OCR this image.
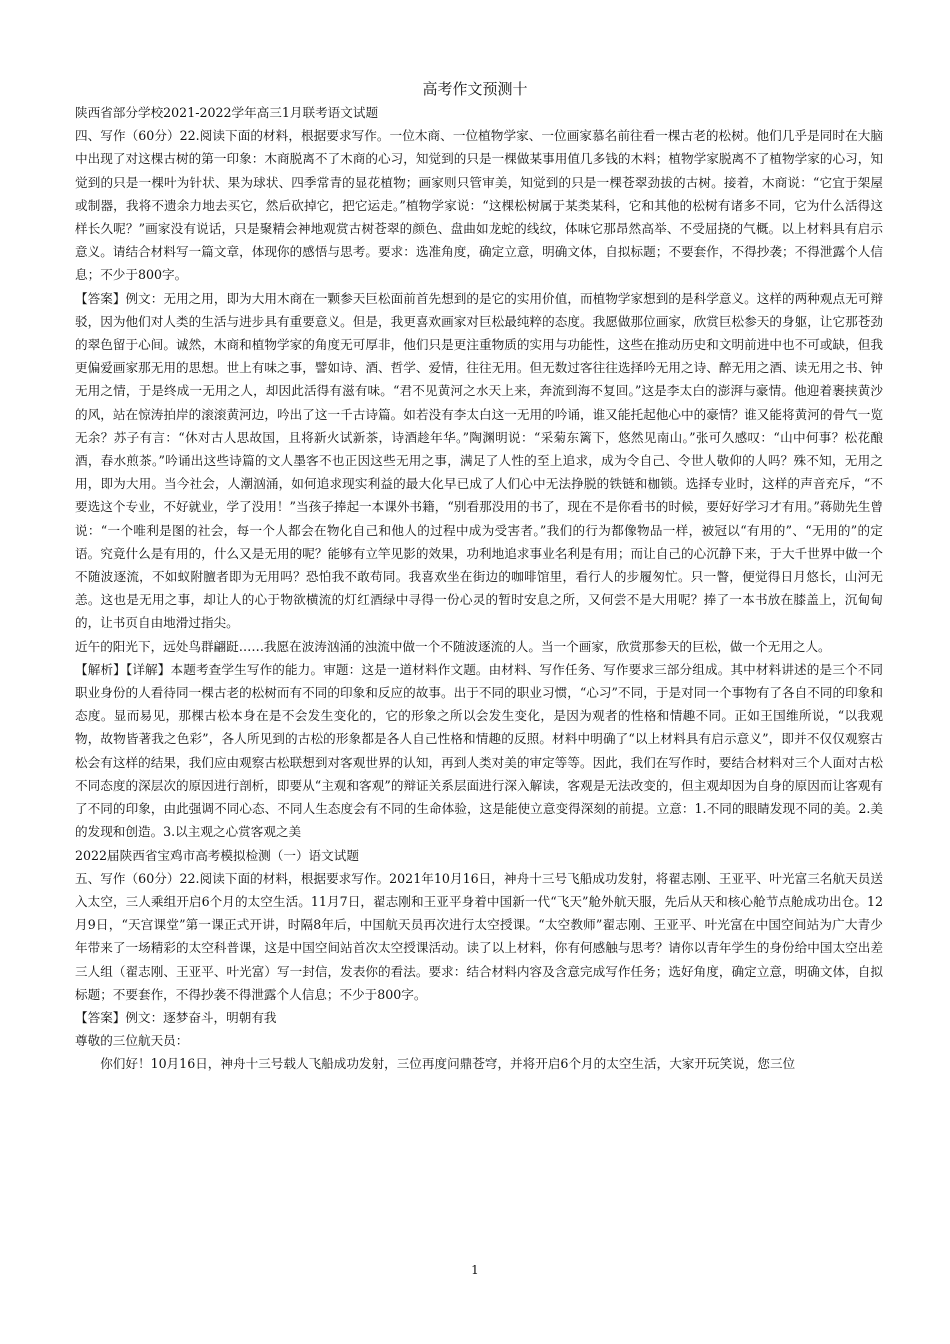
高考作文预测十

陕西省部分学校2021-2022学年高三1月联考语文试题

四、写作（60分）22.阅读下面的材料，根据要求写作。一位木商、一位植物学家、一位画家慕名前往看一棵古老的松树。他们几乎是同时在大脑中出现了对这棵古树的第一印象：木商脱离不了木商的心习，知觉到的只是一棵做某事用值几多钱的木料；植物学家脱离不了植物学家的心习，知觉到的只是一棵叶为针状、果为球状、四季常青的显花植物；画家则只管审美，知觉到的只是一棵苍翠劲拔的古树。接着，木商说：“它宜于架屋或制器，我将不遗余力地去买它，然后砍掉它，把它运走。”植物学家说：“这棵松树属于某类某科，它和其他的松树有诸多不同，它为什么活得这样长久呢？”画家没有说话，只是聚精会神地观赏古树苍翠的颜色、盘曲如龙蛇的线纹，体味它那昂然高举、不受屈挠的气概。以上材料具有启示意义。请结合材料写一篇文章，体现你的感悟与思考。要求：选准角度，确定立意，明确文体，自拟标题；不要套作，不得抄袭；不得泄露个人信息；不少于800字。

【答案】例文：无用之用，即为大用木商在一颗参天巨松面前首先想到的是它的实用价值，而植物学家想到的是科学意义。这样的两种观点无可辩驳，因为他们对人类的生活与进步具有重要意义。但是，我更喜欢画家对巨松最纯粹的态度。我愿做那位画家，欣赏巨松参天的身躯，让它那苍劲的翠色留于心间。诚然，木商和植物学家的角度无可厚非，他们只是更注重物质的实用与功能性，这些在推动历史和文明前进中也不可或缺，但我更偏爱画家那无用的思想。世上有味之事，譬如诗、酒、哲学、爱情，往往无用。但无数过客往往选择吟无用之诗、醉无用之酒、读无用之书、钟无用之情，于是终成一无用之人，却因此活得有滋有味。“君不见黄河之水天上来，奔流到海不复回。”这是李太白的澎湃与豪情。他迎着裹挟黄沙的风，站在惊涛拍岸的滚滚黄河边，吟出了这一千古诗篇。如若没有李太白这一无用的吟诵，谁又能托起他心中的豪情？谁又能将黄河的骨气一览无余？苏子有言：“休对古人思故国，且将新火试新茶，诗酒趁年华。”陶渊明说：“采菊东篱下，悠然见南山。”张可久感叹：“山中何事？松花酿酒，春水煎茶。”吟诵出这些诗篇的文人墨客不也正因这些无用之事，满足了人性的至上追求，成为令自己、令世人敬仰的人吗？殊不知，无用之用，即为大用。当今社会，人潮汹涌，如何追求现实利益的最大化早已成了人们心中无法挣脱的铁链和枷锁。选择专业时，这样的声音充斥，“不要选这个专业，不好就业，学了没用！”当孩子捧起一本课外书籍，“别看那没用的书了，现在不是你看书的时候，要好好学习才有用。”蒋勋先生曾说：“一个唯利是图的社会，每一个人都会在物化自己和他人的过程中成为受害者。”我们的行为都像物品一样，被冠以“有用的”、“无用的”的定语。究竟什么是有用的，什么又是无用的呢？能够有立竿见影的效果，功利地追求事业名利是有用；而让自己的心沉静下来，于大千世界中做一个不随波逐流，不如蚁附膻者即为无用吗？恐怕我不敢苟同。我喜欢坐在街边的咖啡馆里，看行人的步履匆忙。只一瞥，便觉得日月悠长，山河无恙。这也是无用之事，却让人的心于物欲横流的灯红酒绿中寻得一份心灵的暂时安息之所，又何尝不是大用呢？捧了一本书放在膝盖上，沉甸甸的，让书页自由地滑过指尖。

近午的阳光下，远处鸟群翩跹……我愿在波涛汹涌的浊流中做一个不随波逐流的人。当一个画家，欣赏那参天的巨松，做一个无用之人。

【解析】【详解】本题考查学生写作的能力。审题：这是一道材料作文题。由材料、写作任务、写作要求三部分组成。其中材料讲述的是三个不同职业身份的人看待同一棵古老的松树而有不同的印象和反应的故事。出于不同的职业习惯，“心习”不同，于是对同一个事物有了各自不同的印象和态度。显而易见，那棵古松本身在是不会发生变化的，它的形象之所以会发生变化，是因为观者的性格和情趣不同。正如王国维所说，“以我观物，故物皆著我之色彩”，各人所见到的古松的形象都是各人自己性格和情趣的反照。材料中明确了“以上材料具有启示意义”，即并不仅仅观察古松会有这样的结果，我们应由观察古松联想到对客观世界的认知，再到人类对美的审定等等。因此，我们在写作时，要结合材料对三个人面对古松不同态度的深层次的原因进行剖析，即要从“主观和客观”的辩证关系层面进行深入解读，客观是无法改变的，但主观却因为自身的原因而让客观有了不同的印象，由此强调不同心态、不同人生态度会有不同的生命体验，这是能使立意变得深刻的前提。立意：1.不同的眼睛发现不同的美。2.美的发现和创造。3.以主观之心赏客观之美

2022届陕西省宝鸡市高考模拟检测（一）语文试题

五、写作（60分）22.阅读下面的材料，根据要求写作。2021年10月16日，神舟十三号飞船成功发射，将翟志刚、王亚平、叶光富三名航天员送入太空，三人乘组开启6个月的太空生活。11月7日，翟志刚和王亚平身着中国新一代“飞天”舱外航天服，先后从天和核心舱节点舱成功出仓。12月9日，“天宫课堂”第一课正式开讲，时隔8年后，中国航天员再次进行太空授课。“太空教师”翟志刚、王亚平、叶光富在中国空间站为广大青少年带来了一场精彩的太空科普课，这是中国空间站首次太空授课活动。读了以上材料，你有何感触与思考？请你以青年学生的身份给中国太空出差三人组（翟志刚、王亚平、叶光富）写一封信，发表你的看法。要求：结合材料内容及含意完成写作任务；选好角度，确定立意，明确文体，自拟标题；不要套作，不得抄袭不得泄露个人信息；不少于800字。

【答案】例文：逐梦奋斗，明朝有我

尊敬的三位航天员：

你们好！10月16日，神舟十三号载人飞船成功发射，三位再度问鼎苍穹，并将开启6个月的太空生活，大家开玩笑说，您三位

1
